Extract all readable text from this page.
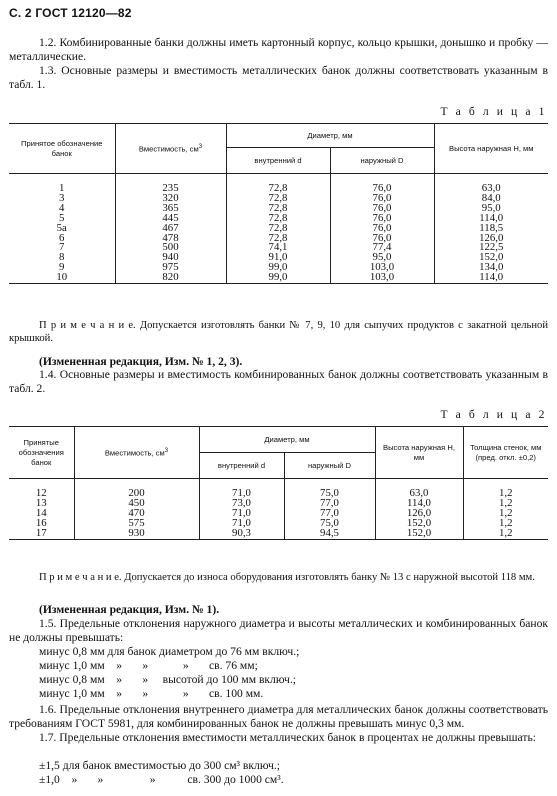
С. 2 ГОСТ 12120—82
1.2. Комбинированные банки должны иметь картонный корпус, кольцо крышки, донышко и пробку — металлические.
1.3. Основные размеры и вместимость металлических банок должны соответствовать указанным в табл. 1.
Т а б л и ц а 1
Принятое обозначение банок	Вместимость, $см^3$	Диаметр, мм		Высота наружная H, мм
		внутренний d	наружный D	

1	235	72,8	76,0	63,0
3	320	72,8	76,0	84,0
4	365	72,8	76,0	95,0
5	445	72,8	76,0	114,0
5а	467	72,8	76,0	118,5
6	478	72,8	76,0	126,0
7	500	74,1	77,4	122,5
8	940	91,0	95,0	152,0
9	975	99,0	103,0	134,0
10	820	99,0	103,0	114,0
П р и м е ч а н и е. Допускается изготовлять банки № 7, 9, 10 для сыпучих продуктов с закатной цельной крышкой.
(Измененная редакция, Изм. № 1, 2, 3).
1.4. Основные размеры и вместимость комбинированных банок должны соответствовать указанным в табл. 2.
Т а б л и ц а 2
Принятые обозначения банок	Вместимость, $см^3$	Диаметр, мм		Высота наружная H, мм	Толщина стенок, мм (пред. откл. ±0,2)
		внутренний d	наружный D		

12	200	71,0	75,0	63,0	1,2
13	450	73,0	77,0	114,0	1,2
14	470	71,0	77,0	126,0	1,2
16	575	71,0	75,0	152,0	1,2
17	930	90,3	94,5	152,0	1,2
П р и м е ч а н и е. Допускается до износа оборудования изготовлять банку № 13 с наружной высотой 118 мм.
(Измененная редакция, Изм. № 1).
1.5. Предельные отклонения наружного диаметра и высоты металлических и комбинированных банок не должны превышать:
минус 0,8 мм для банок диаметром до 76 мм включ.;
минус 1,0 мм    »       »            »       св. 76 мм;
минус 0,8 мм    »       »     высотой до 100 мм включ.;
минус 1,0 мм    »       »            »       св. 100 мм.
1.6. Предельные отклонения внутреннего диаметра для металлических банок должны соответствовать требованиям ГОСТ 5981, для комбинированных банок не должны превышать минус 0,3 мм.
1.7. Предельные отклонения вместимости металлических банок в процентах не должны превышать:
±1,5 для банок вместимостью до 300 см³ включ.;
±1,0    »       »                »           св. 300 до 1000 см³.
